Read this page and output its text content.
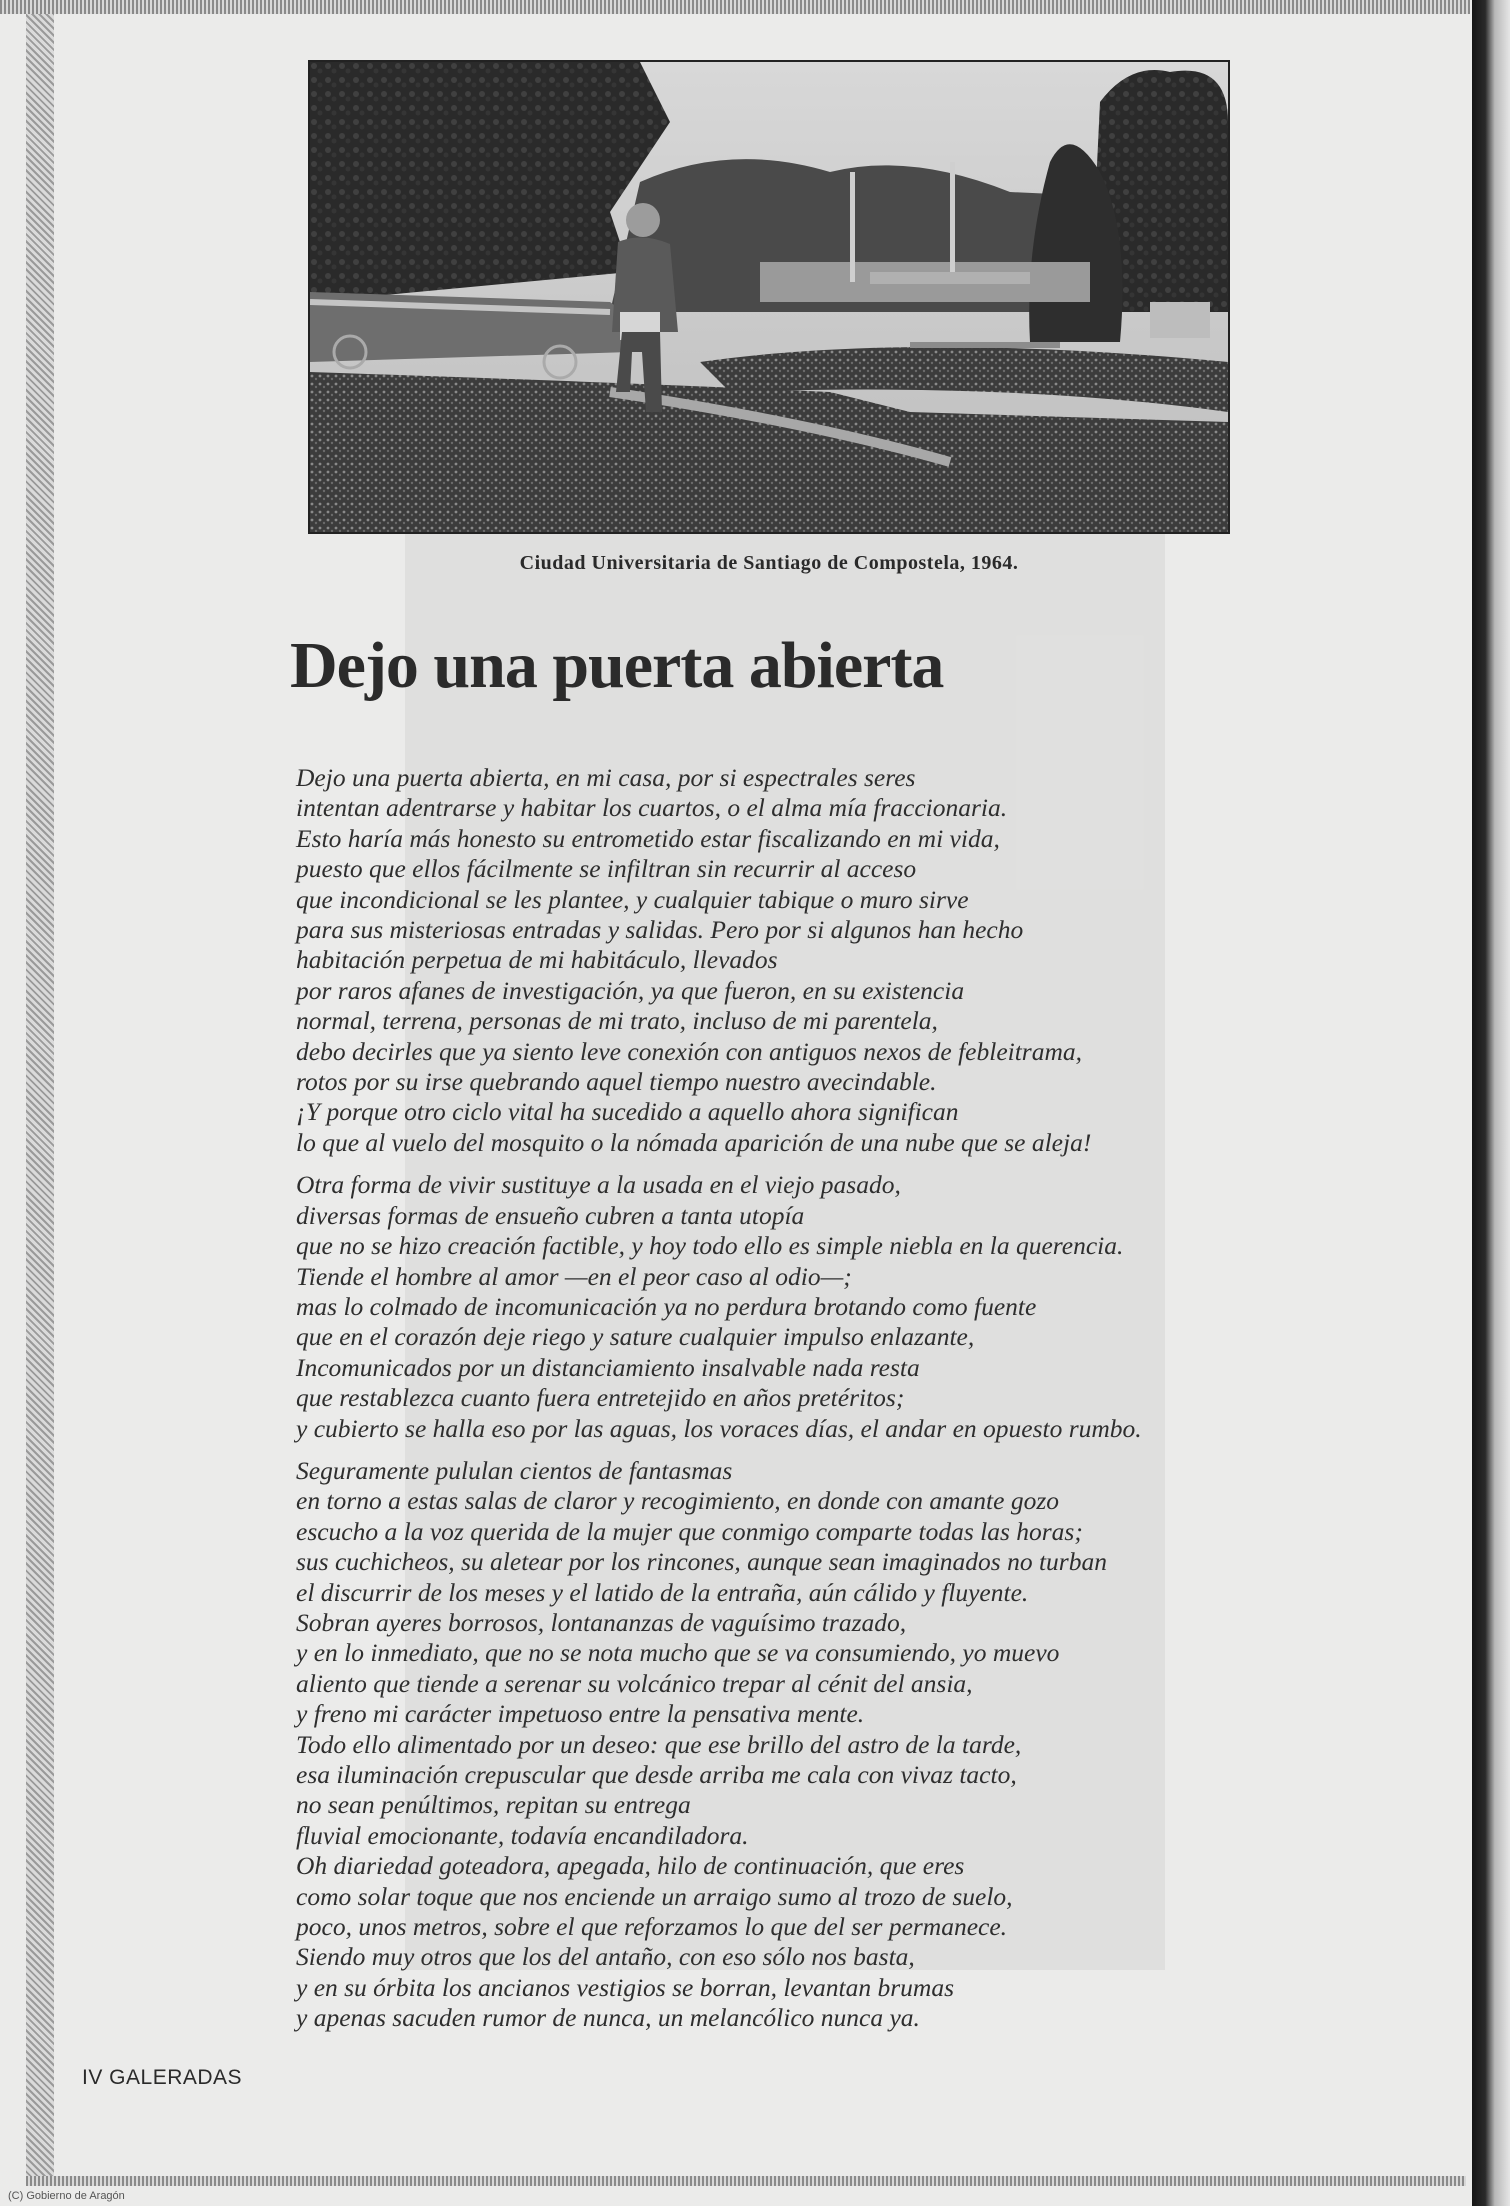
Ciudad Universitaria de Santiago de Compostela, 1964.
Dejo una puerta abierta
Dejo una puerta abierta, en mi casa, por si espectrales seres
intentan adentrarse y habitar los cuartos, o el alma mía fraccionaria.
Esto haría más honesto su entrometido estar fiscalizando en mi vida,
puesto que ellos fácilmente se infiltran sin recurrir al acceso
que incondicional se les plantee, y cualquier tabique o muro sirve
para sus misteriosas entradas y salidas. Pero por si algunos han hecho
habitación perpetua de mi habitáculo, llevados
por raros afanes de investigación, ya que fueron, en su existencia
normal, terrena, personas de mi trato, incluso de mi parentela,
debo decirles que ya siento leve conexión con antiguos nexos de febleitrama,
rotos por su irse quebrando aquel tiempo nuestro avecindable.
¡Y porque otro ciclo vital ha sucedido a aquello ahora significan
lo que al vuelo del mosquito o la nómada aparición de una nube que se aleja!
Otra forma de vivir sustituye a la usada en el viejo pasado,
diversas formas de ensueño cubren a tanta utopía
que no se hizo creación factible, y hoy todo ello es simple niebla en la querencia.
Tiende el hombre al amor —en el peor caso al odio—;
mas lo colmado de incomunicación ya no perdura brotando como fuente
que en el corazón deje riego y sature cualquier impulso enlazante,
Incomunicados por un distanciamiento insalvable nada resta
que restablezca cuanto fuera entretejido en años pretéritos;
y cubierto se halla eso por las aguas, los voraces días, el andar en opuesto rumbo.
Seguramente pululan cientos de fantasmas
en torno a estas salas de claror y recogimiento, en donde con amante gozo
escucho a la voz querida de la mujer que conmigo comparte todas las horas;
sus cuchicheos, su aletear por los rincones, aunque sean imaginados no turban
el discurrir de los meses y el latido de la entraña, aún cálido y fluyente.
Sobran ayeres borrosos, lontananzas de vaguísimo trazado,
y en lo inmediato, que no se nota mucho que se va consumiendo, yo muevo
aliento que tiende a serenar su volcánico trepar al cénit del ansia,
y freno mi carácter impetuoso entre la pensativa mente.
Todo ello alimentado por un deseo: que ese brillo del astro de la tarde,
esa iluminación crepuscular que desde arriba me cala con vivaz tacto,
no sean penúltimos, repitan su entrega
fluvial emocionante, todavía encandiladora.
Oh diariedad goteadora, apegada, hilo de continuación, que eres
como solar toque que nos enciende un arraigo sumo al trozo de suelo,
poco, unos metros, sobre el que reforzamos lo que del ser permanece.
Siendo muy otros que los del antaño, con eso sólo nos basta,
y en su órbita los ancianos vestigios se borran, levantan brumas
y apenas sacuden rumor de nunca, un melancólico nunca ya.
IV GALERADAS
(C) Gobierno de Aragón
